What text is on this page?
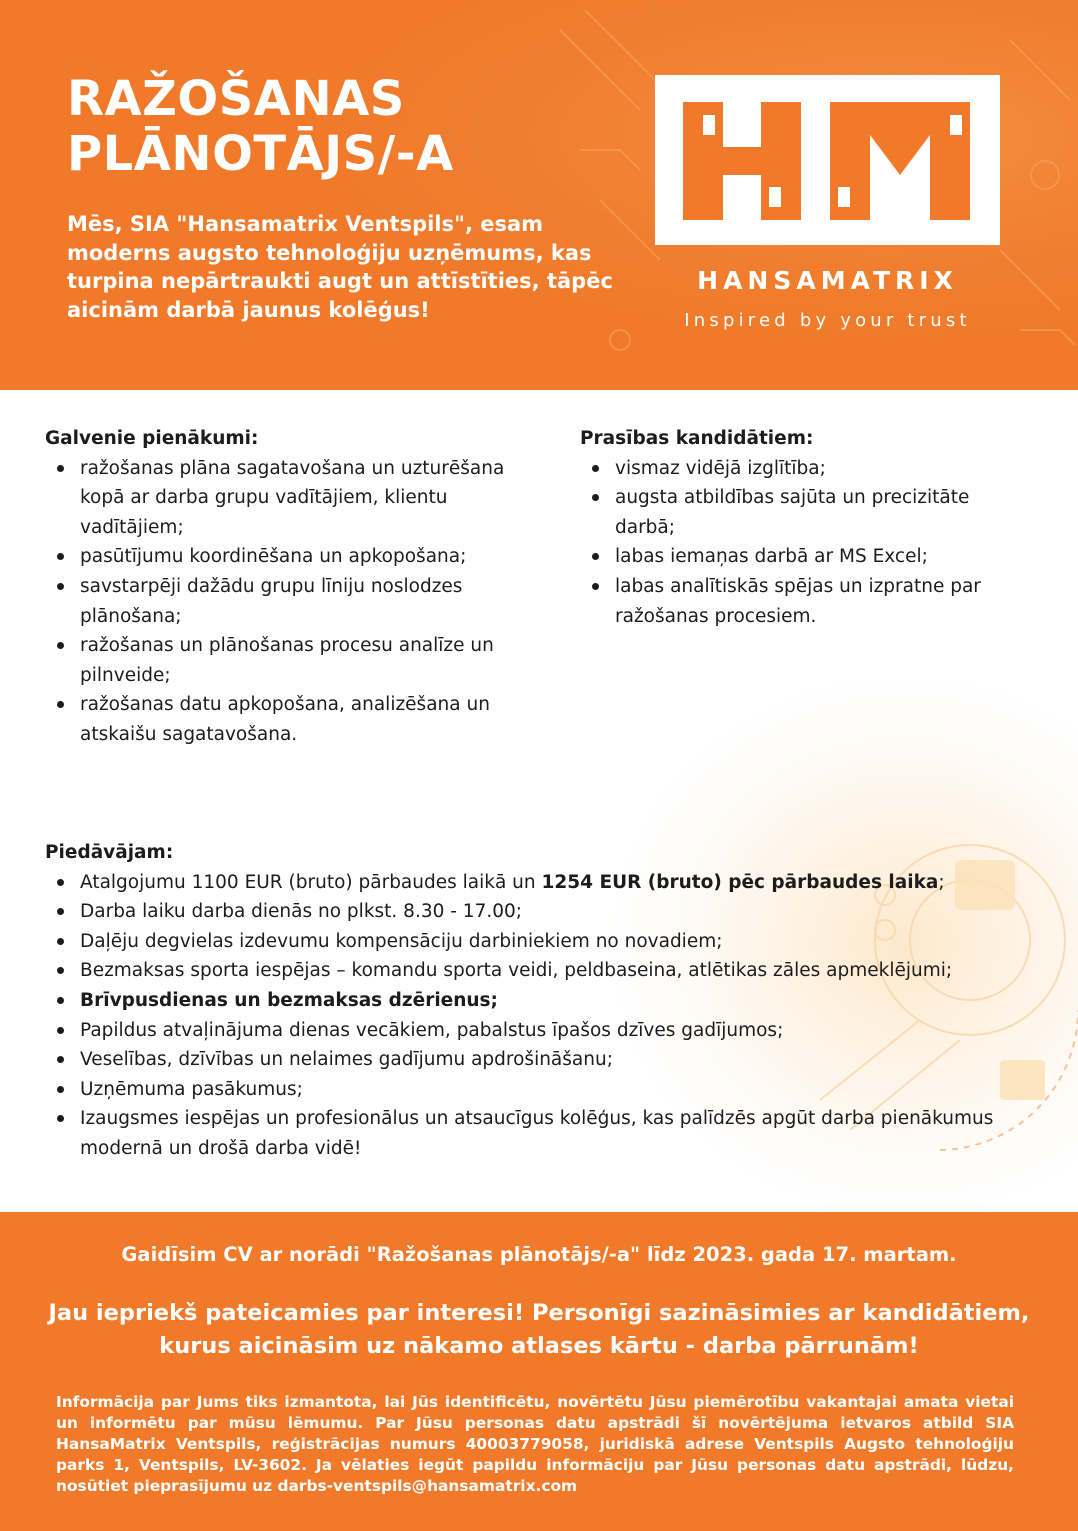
RAŽOŠANAS
PLĀNOTĀJS/-A
Mēs, SIA "Hansamatrix Ventspils", esam moderns augsto tehnoloģiju uzņēmums, kas turpina nepārtraukti augt un attīstīties, tāpēc aicinām darbā jaunus kolēģus!
HANSAMATRIX
Inspired by your trust
Galvenie pienākumi:
ražošanas plāna sagatavošana un uzturēšana kopā ar darba grupu vadītājiem, klientu vadītājiem;
pasūtījumu koordinēšana un apkopošana;
savstarpēji dažādu grupu līniju noslodzes plānošana;
ražošanas un plānošanas procesu analīze un pilnveide;
ražošanas datu apkopošana, analizēšana un atskaišu sagatavošana.
Prasības kandidātiem:
vismaz vidējā izglītība;
augsta atbildības sajūta un precizitāte darbā;
labas iemaņas darbā ar MS Excel;
labas analītiskās spējas un izpratne par ražošanas procesiem.
Piedāvājam:
Atalgojumu 1100 EUR (bruto) pārbaudes laikā un 1254 EUR (bruto) pēc pārbaudes laika;
Darba laiku darba dienās no plkst. 8.30 - 17.00;
Daļēju degvielas izdevumu kompensāciju darbiniekiem no novadiem;
Bezmaksas sporta iespējas – komandu sporta veidi, peldbaseina, atlētikas zāles apmeklējumi;
Brīvpusdienas un bezmaksas dzērienus;
Papildus atvaļinājuma dienas vecākiem, pabalstus īpašos dzīves gadījumos;
Veselības, dzīvības un nelaimes gadījumu apdrošināšanu;
Uzņēmuma pasākumus;
Izaugsmes iespējas un profesionālus un atsaucīgus kolēģus, kas palīdzēs apgūt darba pienākumus modernā un drošā darba vidē!
Gaidīsim CV ar norādi "Ražošanas plānotājs/-a" līdz 2023. gada 17. martam.
Jau iepriekš pateicamies par interesi! Personīgi sazināsimies ar kandidātiem, kurus aicināsim uz nākamo atlases kārtu - darba pārrunām!
Informācija par Jums tiks izmantota, lai Jūs identificētu, novērtētu Jūsu piemērotību vakantajai amata vietai un informētu par mūsu lēmumu. Par Jūsu personas datu apstrādi šī novērtējuma ietvaros atbild SIA HansaMatrix Ventspils, reģistrācijas numurs 40003779058, juridiskā adrese Ventspils Augsto tehnoloģiju parks 1, Ventspils, LV-3602. Ja vēlaties iegūt papildu informāciju par Jūsu personas datu apstrādi, lūdzu, nosūtiet pieprasījumu uz darbs-ventspils@hansamatrix.com
